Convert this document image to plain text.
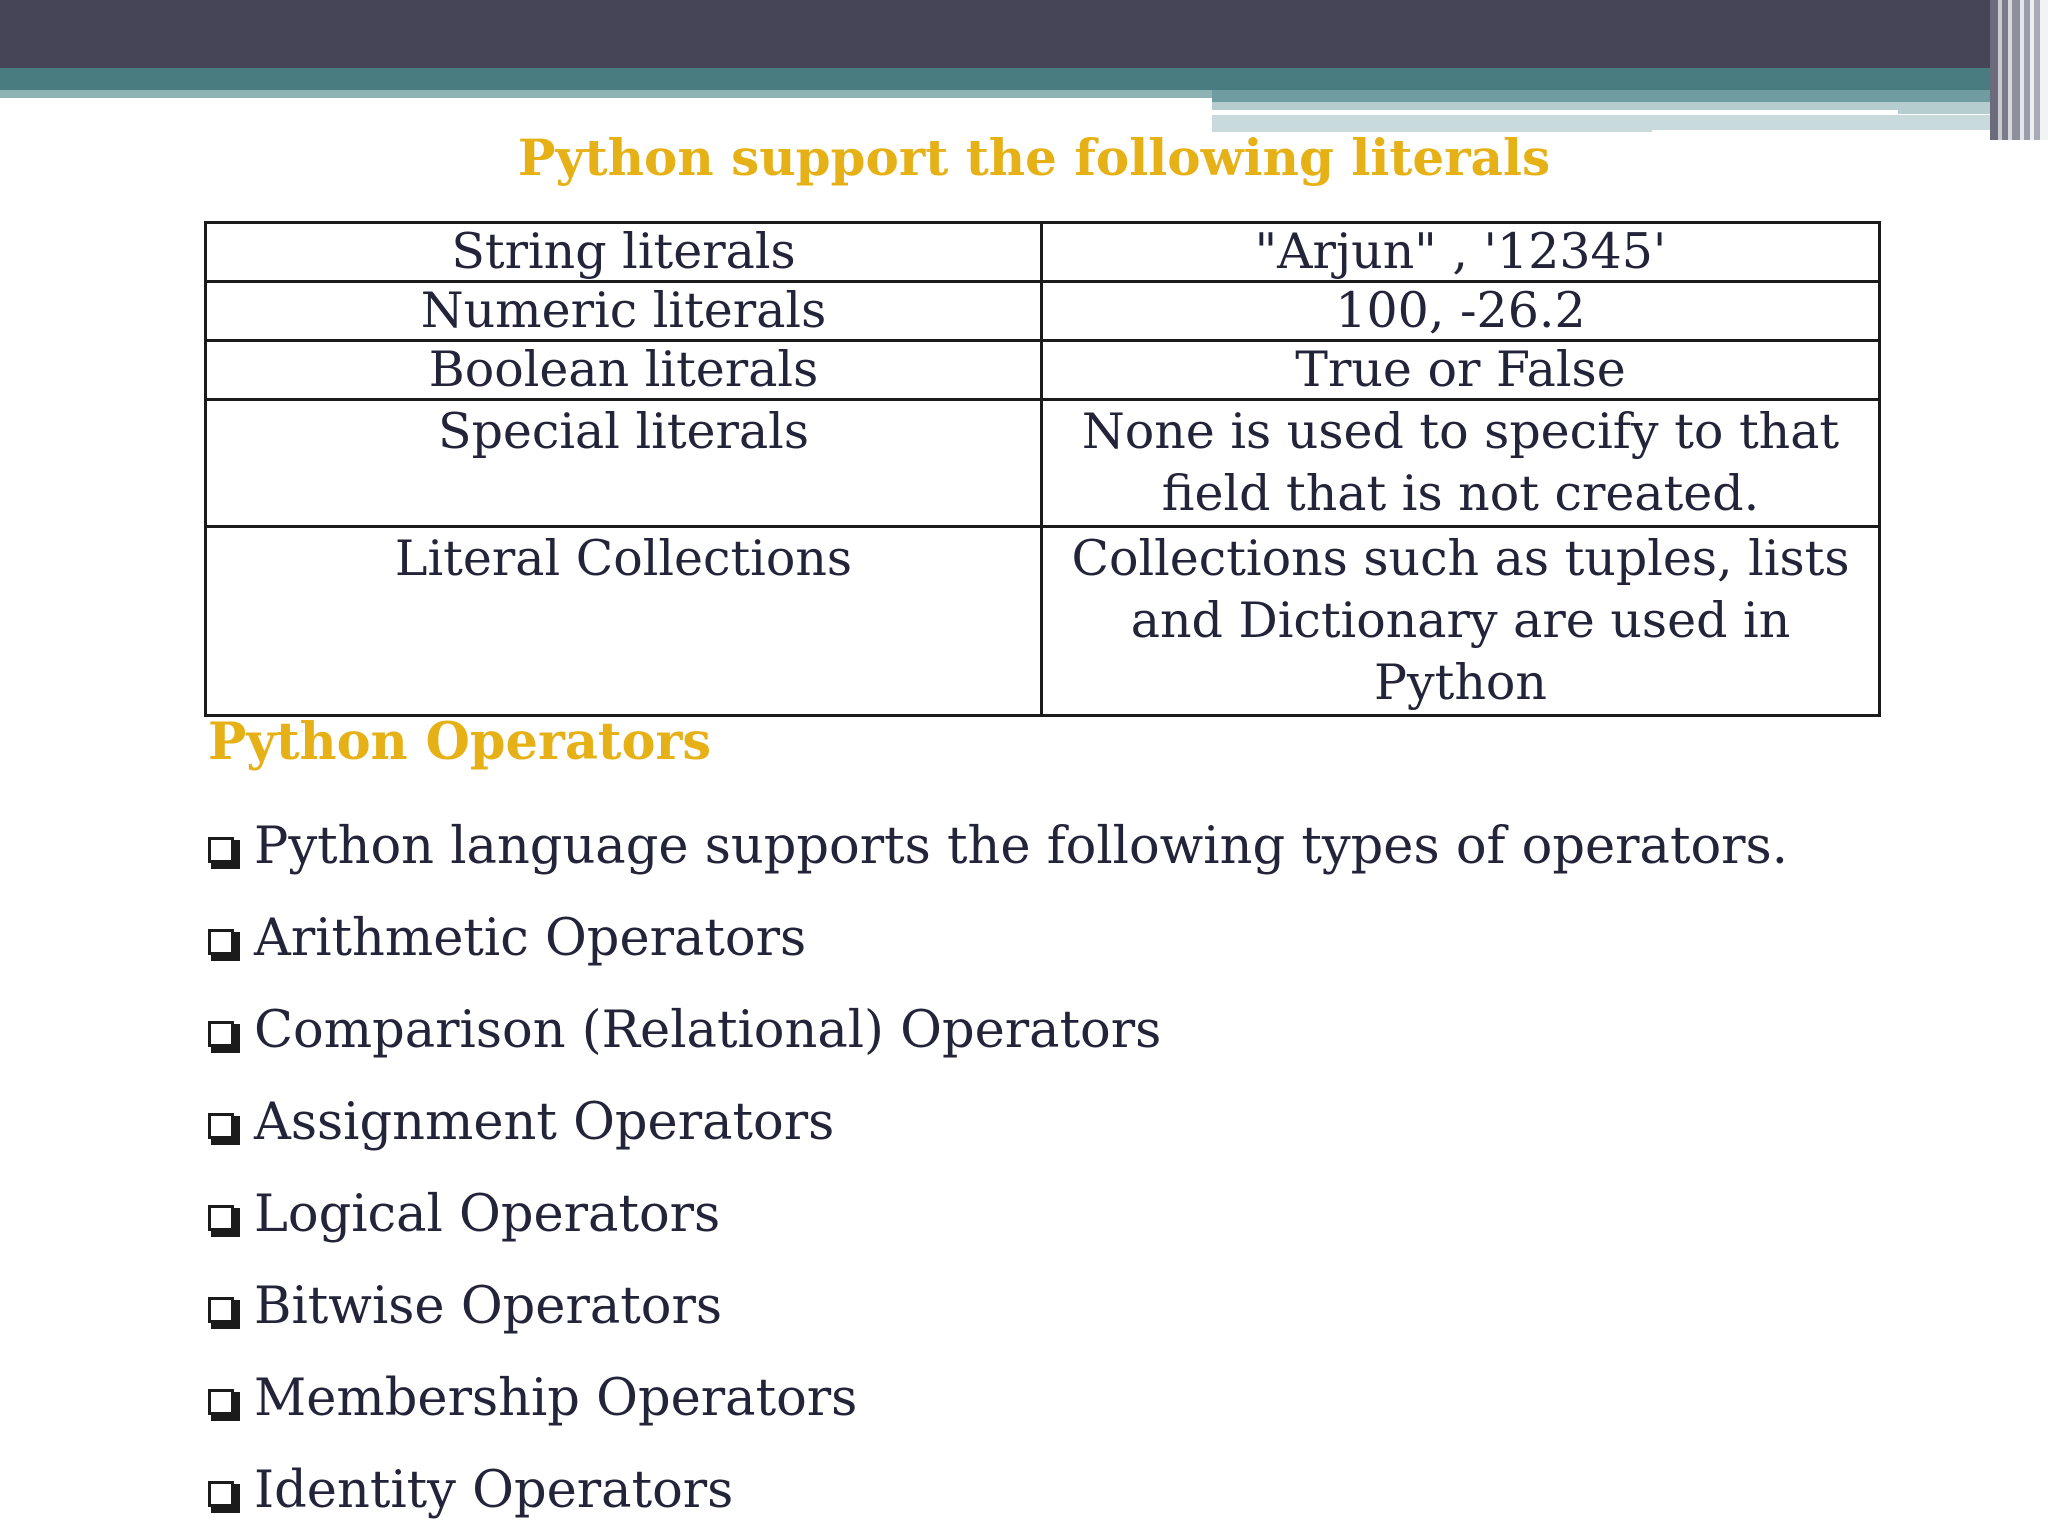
Python support the following literals
String literals	"Arjun" , '12345'
Numeric literals	100, -26.2
Boolean literals	True or False
Special literals	None is used to specify to that field that is not created.
Literal Collections	Collections such as tuples, lists and Dictionary are used in Python
Python Operators
Python language supports the following types of operators.
Arithmetic Operators
Comparison (Relational) Operators
Assignment Operators
Logical Operators
Bitwise Operators
Membership Operators
Identity Operators
